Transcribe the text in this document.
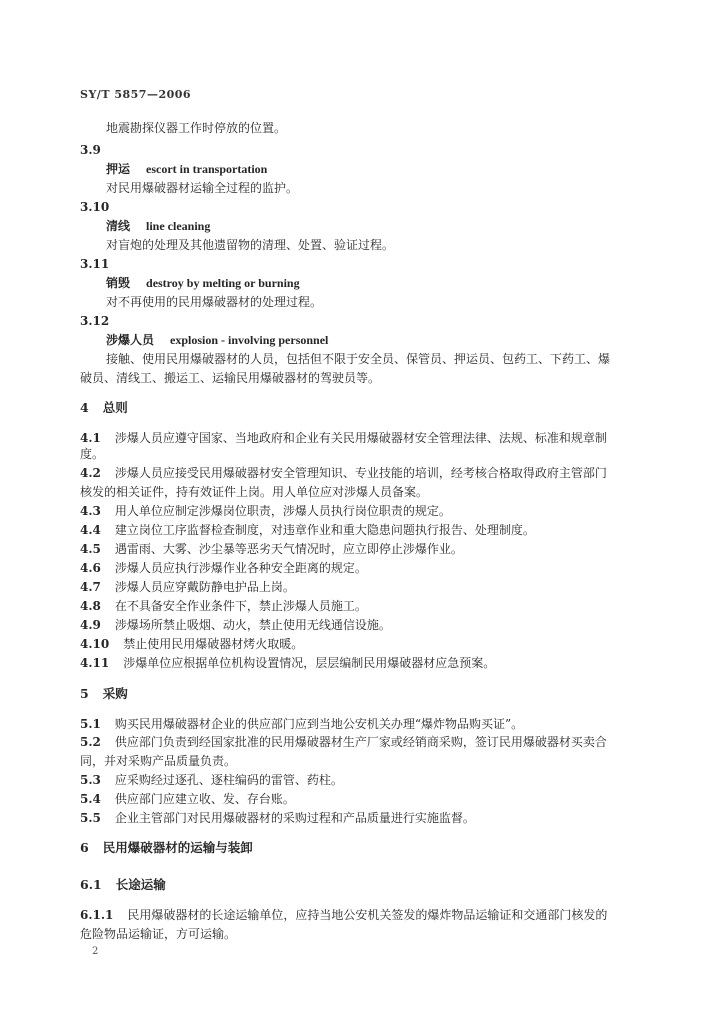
SY/T 5857—2006
地震勘探仪器工作时停放的位置。
3.9
押运 escort in transportation
对民用爆破器材运输全过程的监护。
3.10
清线 line cleaning
对盲炮的处理及其他遗留物的清理、处置、验证过程。
3.11
销毁 destroy by melting or burning
对不再使用的民用爆破器材的处理过程。
3.12
涉爆人员 explosion - involving personnel
接触、使用民用爆破器材的人员，包括但不限于安全员、保管员、押运员、包药工、下药工、爆
破员、清线工、搬运工、运输民用爆破器材的驾驶员等。
4 总则
4.1 涉爆人员应遵守国家、当地政府和企业有关民用爆破器材安全管理法律、法规、标准和规章制
度。
4.2 涉爆人员应接受民用爆破器材安全管理知识、专业技能的培训，经考核合格取得政府主管部门
核发的相关证件，持有效证件上岗。用人单位应对涉爆人员备案。
4.3 用人单位应制定涉爆岗位职责，涉爆人员执行岗位职责的规定。
4.4 建立岗位工序监督检查制度，对违章作业和重大隐患问题执行报告、处理制度。
4.5 遇雷雨、大雾、沙尘暴等恶劣天气情况时，应立即停止涉爆作业。
4.6 涉爆人员应执行涉爆作业各种安全距离的规定。
4.7 涉爆人员应穿戴防静电护品上岗。
4.8 在不具备安全作业条件下，禁止涉爆人员施工。
4.9 涉爆场所禁止吸烟、动火，禁止使用无线通信设施。
4.10 禁止使用民用爆破器材烤火取暖。
4.11 涉爆单位应根据单位机构设置情况，层层编制民用爆破器材应急预案。
5 采购
5.1 购买民用爆破器材企业的供应部门应到当地公安机关办理“爆炸物品购买证”。
5.2 供应部门负责到经国家批准的民用爆破器材生产厂家或经销商采购，签订民用爆破器材买卖合
同，并对采购产品质量负责。
5.3 应采购经过逐孔、逐柱编码的雷管、药柱。
5.4 供应部门应建立收、发、存台账。
5.5 企业主管部门对民用爆破器材的采购过程和产品质量进行实施监督。
6 民用爆破器材的运输与装卸
6.1 长途运输
6.1.1 民用爆破器材的长途运输单位，应持当地公安机关签发的爆炸物品运输证和交通部门核发的
危险物品运输证，方可运输。
2
